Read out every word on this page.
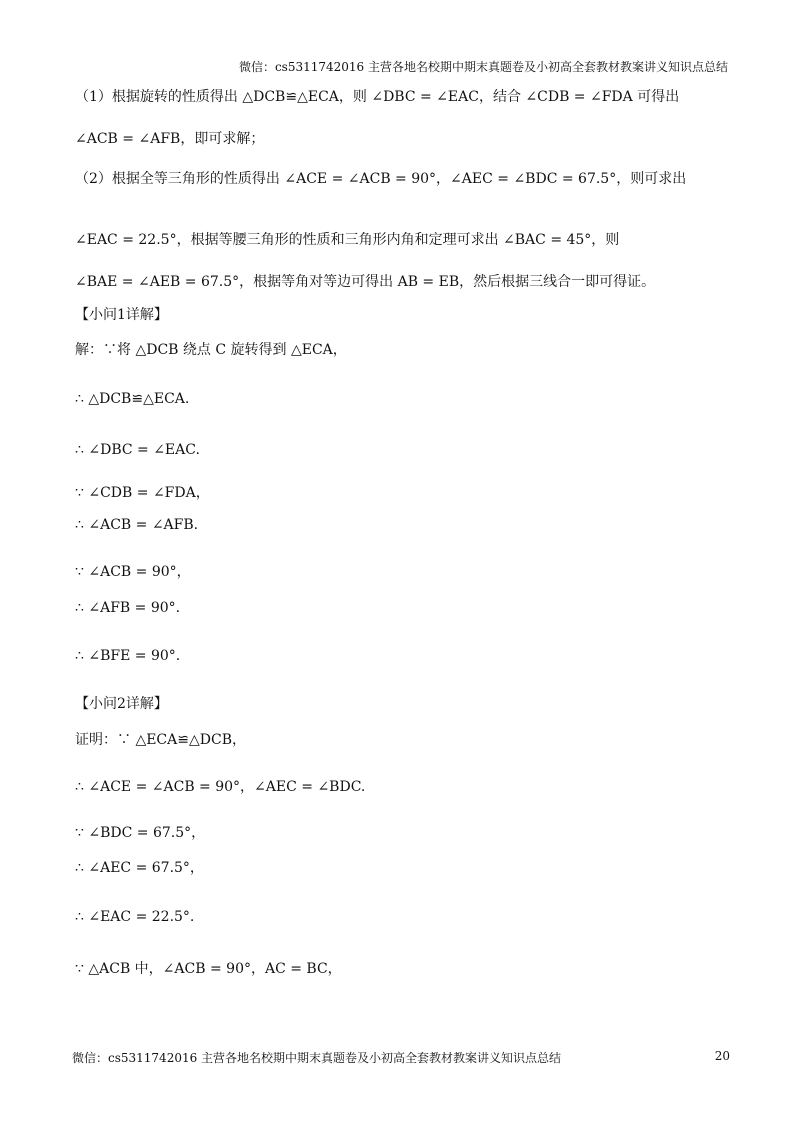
微信：cs5311742016 主营各地名校期中期末真题卷及小初高全套教材教案讲义知识点总结
（1）根据旋转的性质得出 △DCB≌△ECA，则 ∠DBC = ∠EAC，结合 ∠CDB = ∠FDA 可得出
∠ACB = ∠AFB，即可求解；
（2）根据全等三角形的性质得出 ∠ACE = ∠ACB = 90°，∠AEC = ∠BDC = 67.5°，则可求出
∠EAC = 22.5°，根据等腰三角形的性质和三角形内角和定理可求出 ∠BAC = 45°，则
∠BAE = ∠AEB = 67.5°，根据等角对等边可得出 AB = EB，然后根据三线合一即可得证。
【小问1详解】
解：∵将 △DCB 绕点 C 旋转得到 △ECA，
∴ △DCB≌△ECA.
∴ ∠DBC = ∠EAC.
∵ ∠CDB = ∠FDA，
∴ ∠ACB = ∠AFB.
∵ ∠ACB = 90°，
∴ ∠AFB = 90°.
∴ ∠BFE = 90°.
【小问2详解】
证明：∵ △ECA≌△DCB，
∴ ∠ACE = ∠ACB = 90°，∠AEC = ∠BDC.
∵ ∠BDC = 67.5°，
∴ ∠AEC = 67.5°，
∴ ∠EAC = 22.5°.
∵ △ACB 中，∠ACB = 90°，AC = BC，
微信：cs5311742016 主营各地名校期中期末真题卷及小初高全套教材教案讲义知识点总结	20
